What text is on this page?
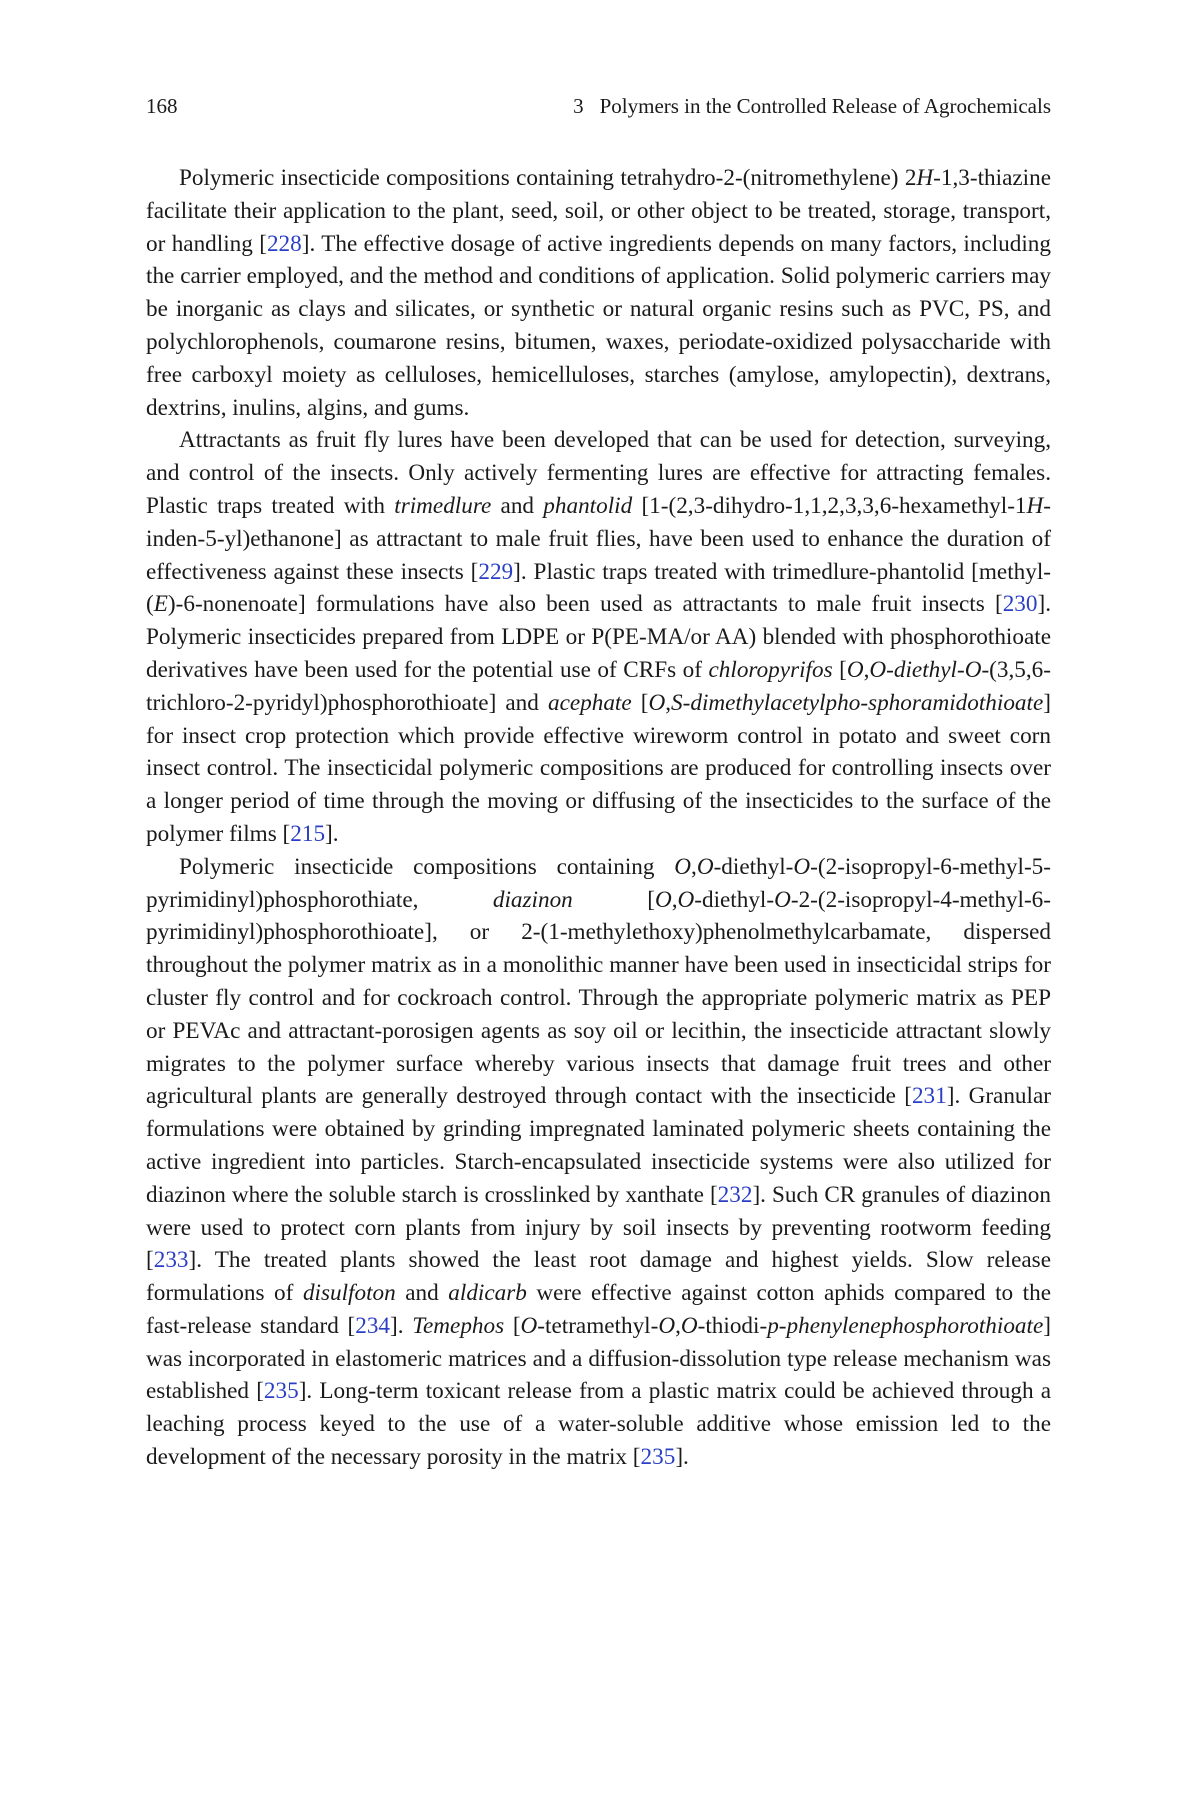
168	3 Polymers in the Controlled Release of Agrochemicals

Polymeric insecticide compositions containing tetrahydro-2-(nitromethylene) 2H-1,3-thiazine facilitate their application to the plant, seed, soil, or other object to be treated, storage, transport, or handling [228]. The effective dosage of active ingredients depends on many factors, including the carrier employed, and the method and conditions of application. Solid polymeric carriers may be inorganic as clays and silicates, or synthetic or natural organic resins such as PVC, PS, and polychlorophenols, coumarone resins, bitumen, waxes, periodate-oxidized polysaccharide with free carboxyl moiety as celluloses, hemicelluloses, starches (amylose, amylopectin), dextrans, dextrins, inulins, algins, and gums.

Attractants as fruit fly lures have been developed that can be used for detection, surveying, and control of the insects. Only actively fermenting lures are effective for attracting females. Plastic traps treated with trimedlure and phantolid [1-(2,3-dihydro-1,1,2,3,3,6-hexamethyl-1H-inden-5-yl)ethanone] as attractant to male fruit flies, have been used to enhance the duration of effectiveness against these insects [229]. Plastic traps treated with trimedlure-phantolid [methyl-(E)-6-nonenoate] formulations have also been used as attractants to male fruit insects [230]. Polymeric insecticides prepared from LDPE or P(PE-MA/or AA) blended with phosphorothioate derivatives have been used for the potential use of CRFs of chloropyrifos [O,O-diethyl-O-(3,5,6-trichloro-2-pyridyl)phosphorothioate] and acephate [O,S-dimethylacetylpho-sphoramidothioate] for insect crop protection which provide effective wireworm control in potato and sweet corn insect control. The insecticidal polymeric compositions are produced for controlling insects over a longer period of time through the moving or diffusing of the insecticides to the surface of the polymer films [215].

Polymeric insecticide compositions containing O,O-diethyl-O-(2-isopropyl-6-methyl-5-pyrimidinyl)phosphorothiate, diazinon [O,O-diethyl-O-2-(2-isopropyl-4-methyl-6-pyrimidinyl)phosphorothioate], or 2-(1-methylethoxy)phenolmethylcarbamate, dispersed throughout the polymer matrix as in a monolithic manner have been used in insecticidal strips for cluster fly control and for cockroach control. Through the appropriate polymeric matrix as PEP or PEVAc and attractant-porosigen agents as soy oil or lecithin, the insecticide attractant slowly migrates to the polymer surface whereby various insects that damage fruit trees and other agricultural plants are generally destroyed through contact with the insecticide [231]. Granular formulations were obtained by grinding impregnated laminated polymeric sheets containing the active ingredient into particles. Starch-encapsulated insecticide systems were also utilized for diazinon where the soluble starch is crosslinked by xanthate [232]. Such CR granules of diazinon were used to protect corn plants from injury by soil insects by preventing rootworm feeding [233]. The treated plants showed the least root damage and highest yields. Slow release formulations of disulfoton and aldicarb were effective against cotton aphids compared to the fast-release standard [234]. Temephos [O-tetramethyl-O,O-thiodi-p-phenylenephosphorothioate] was incorporated in elastomeric matrices and a diffusion-dissolution type release mechanism was established [235]. Long-term toxicant release from a plastic matrix could be achieved through a leaching process keyed to the use of a water-soluble additive whose emission led to the development of the necessary porosity in the matrix [235].
